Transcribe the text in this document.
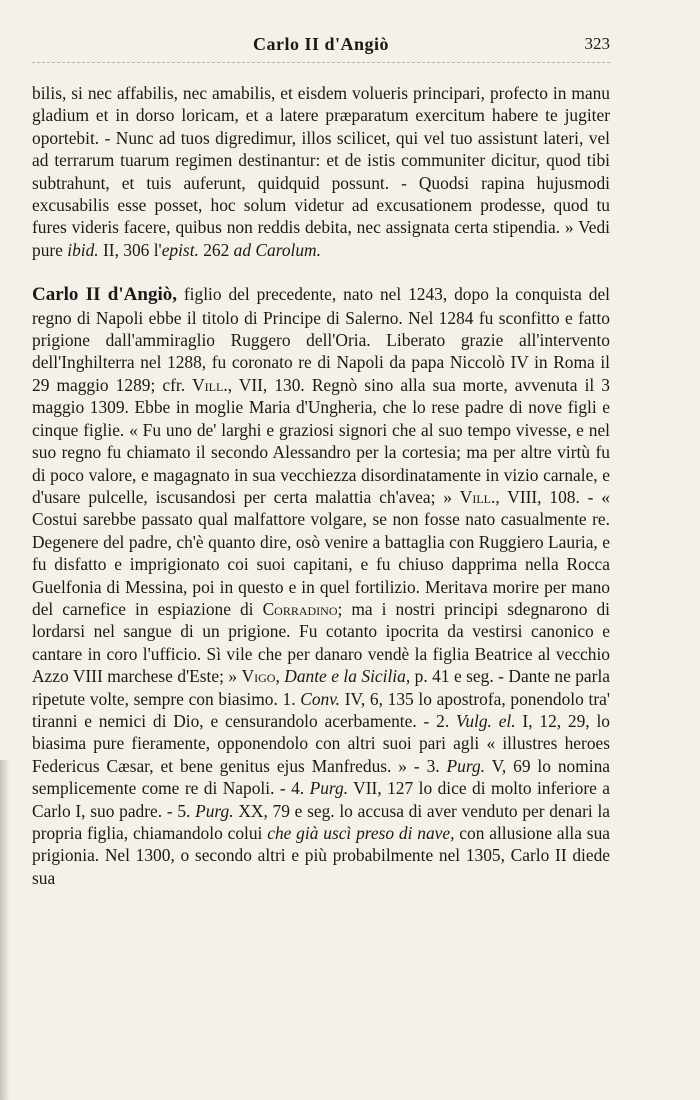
Carlo II d'Angiò	323

bilis, si nec affabilis, nec amabilis, et eisdem volueris principari, profecto in manu gladium et in dorso loricam, et a latere præparatum exercitum habere te jugiter oportebit. - Nunc ad tuos digredimur, illos scilicet, qui vel tuo assistunt lateri, vel ad terrarum tuarum regimen destinantur: et de istis communiter dicitur, quod tibi subtrahunt, et tuis auferunt, quidquid possunt. - Quodsi rapina hujusmodi excusabilis esse posset, hoc solum videtur ad excusationem prodesse, quod tu fures videris facere, quibus non reddis debita, nec assignata certa stipendia. » Vedi pure ibid. II, 306 l'epist. 262 ad Carolum.

Carlo II d'Angiò, figlio del precedente, nato nel 1243, dopo la conquista del regno di Napoli ebbe il titolo di Principe di Salerno. Nel 1284 fu sconfitto e fatto prigione dall'ammiraglio Ruggero dell'Oria. Liberato grazie all'intervento dell'Inghilterra nel 1288, fu coronato re di Napoli da papa Niccolò IV in Roma il 29 maggio 1289; cfr. Vill., VII, 130. Regnò sino alla sua morte, avvenuta il 3 maggio 1309. Ebbe in moglie Maria d'Ungheria, che lo rese padre di nove figli e cinque figlie. « Fu uno de' larghi e graziosi signori che al suo tempo vivesse, e nel suo regno fu chiamato il secondo Alessandro per la cortesia; ma per altre virtù fu di poco valore, e magagnato in sua vecchiezza disordinatamente in vizio carnale, e d'usare pulcelle, iscusandosi per certa malattia ch'avea; » Vill., VIII, 108. - « Costui sarebbe passato qual malfattore volgare, se non fosse nato casualmente re. Degenere del padre, ch'è quanto dire, osò venire a battaglia con Ruggiero Lauria, e fu disfatto e imprigionato coi suoi capitani, e fu chiuso dapprima nella Rocca Guelfonia di Messina, poi in questo e in quel fortilizio. Meritava morire per mano del carnefice in espiazione di Corradino; ma i nostri principi sdegnarono di lordarsi nel sangue di un prigione. Fu cotanto ipocrita da vestirsi canonico e cantare in coro l'ufficio. Sì vile che per danaro vendè la figlia Beatrice al vecchio Azzo VIII marchese d'Este; » Vigo, Dante e la Sicilia, p. 41 e seg. - Dante ne parla ripetute volte, sempre con biasimo. 1. Conv. IV, 6, 135 lo apostrofa, ponendolo tra' tiranni e nemici di Dio, e censurandolo acerbamente. - 2. Vulg. el. I, 12, 29, lo biasima pure fieramente, opponendolo con altri suoi pari agli « illustres heroes Federicus Cæsar, et bene genitus ejus Manfredus. » - 3. Purg. V, 69 lo nomina semplicemente come re di Napoli. - 4. Purg. VII, 127 lo dice di molto inferiore a Carlo I, suo padre. - 5. Purg. XX, 79 e seg. lo accusa di aver venduto per denari la propria figlia, chiamandolo colui che già uscì preso di nave, con allusione alla sua prigionia. Nel 1300, o secondo altri e più probabilmente nel 1305, Carlo II diede sua
